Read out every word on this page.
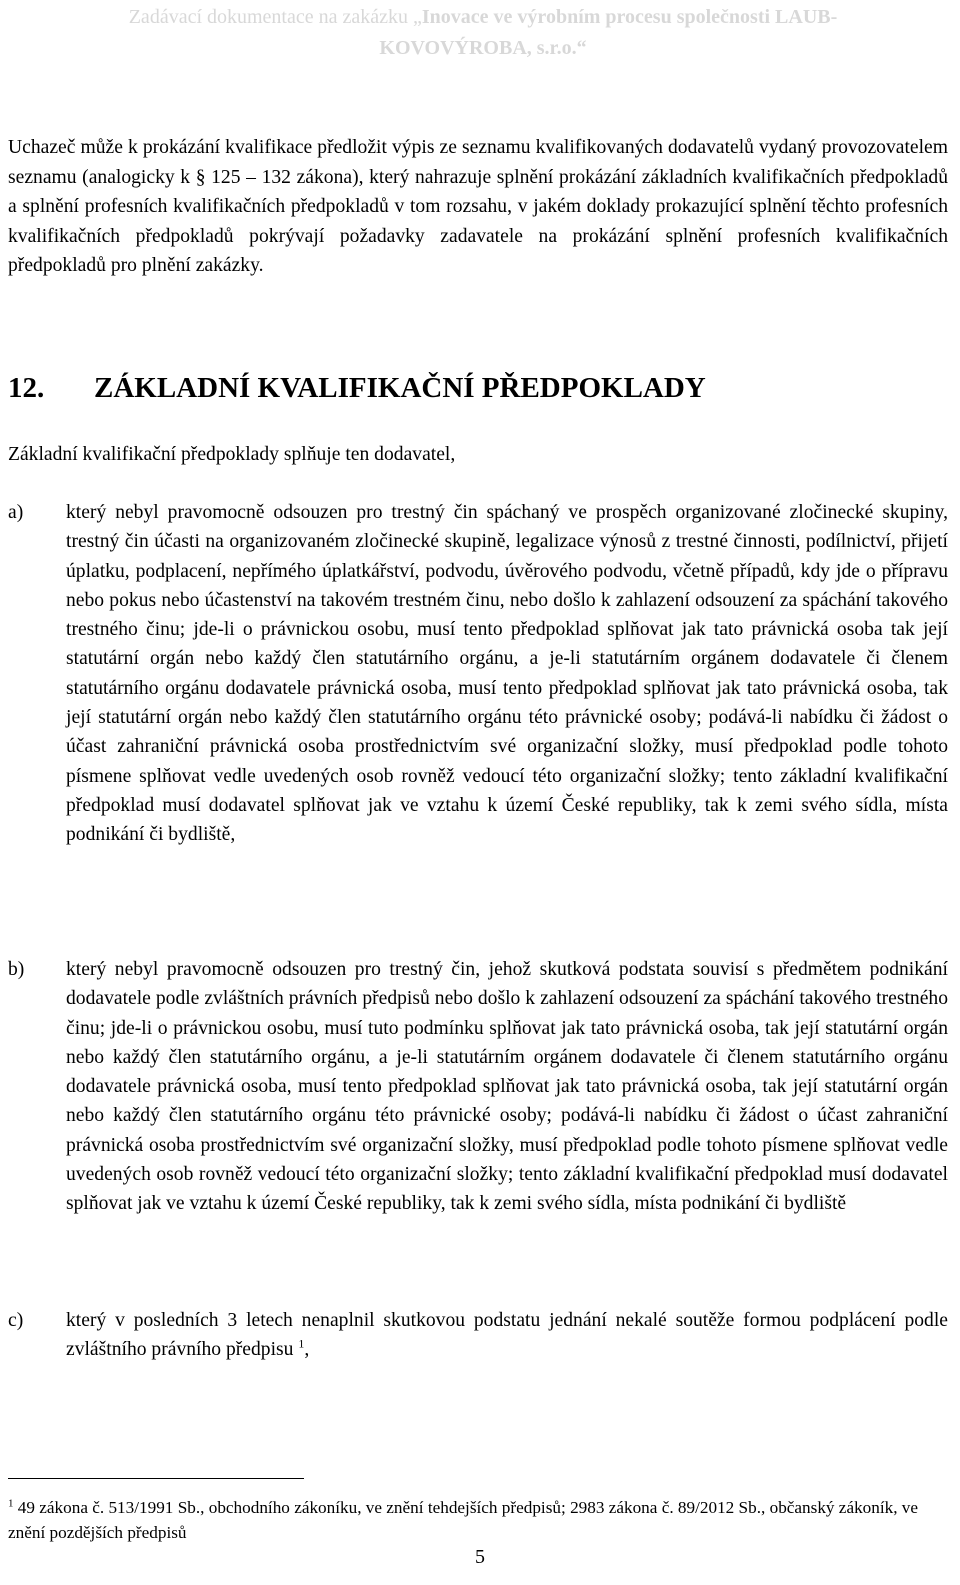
Zadávací dokumentace na zakázku „Inovace ve výrobním procesu společnosti LAUB-KOVOVÝROBA, s.r.o.“

Uchazeč může k prokázání kvalifikace předložit výpis ze seznamu kvalifikovaných dodavatelů vydaný provozovatelem seznamu (analogicky k § 125 – 132 zákona), který nahrazuje splnění prokázání základních kvalifikačních předpokladů a splnění profesních kvalifikačních předpokladů v tom rozsahu, v jakém doklady prokazující splnění těchto profesních kvalifikačních předpokladů pokrývají požadavky zadavatele na prokázání splnění profesních kvalifikačních předpokladů pro plnění zakázky.

12. ZÁKLADNÍ KVALIFIKAČNÍ PŘEDPOKLADY

Základní kvalifikační předpoklady splňuje ten dodavatel,

a) který nebyl pravomocně odsouzen pro trestný čin spáchaný ve prospěch organizované zločinecké skupiny, trestný čin účasti na organizovaném zločinecké skupině, legalizace výnosů z trestné činnosti, podílnictví, přijetí úplatku, podplacení, nepřímého úplatkářství, podvodu, úvěrového podvodu, včetně případů, kdy jde o přípravu nebo pokus nebo účastenství na takovém trestném činu, nebo došlo k zahlazení odsouzení za spáchání takového trestného činu; jde-li o právnickou osobu, musí tento předpoklad splňovat jak tato právnická osoba tak její statutární orgán nebo každý člen statutárního orgánu, a je-li statutárním orgánem dodavatele či členem statutárního orgánu dodavatele právnická osoba, musí tento předpoklad splňovat jak tato právnická osoba, tak její statutární orgán nebo každý člen statutárního orgánu této právnické osoby; podává-li nabídku či žádost o účast zahraniční právnická osoba prostřednictvím své organizační složky, musí předpoklad podle tohoto písmene splňovat vedle uvedených osob rovněž vedoucí této organizační složky; tento základní kvalifikační předpoklad musí dodavatel splňovat jak ve vztahu k území České republiky, tak k zemi svého sídla, místa podnikání či bydliště,
b) který nebyl pravomocně odsouzen pro trestný čin, jehož skutková podstata souvisí s předmětem podnikání dodavatele podle zvláštních právních předpisů nebo došlo k zahlazení odsouzení za spáchání takového trestného činu; jde-li o právnickou osobu, musí tuto podmínku splňovat jak tato právnická osoba, tak její statutární orgán nebo každý člen statutárního orgánu, a je-li statutárním orgánem dodavatele či členem statutárního orgánu dodavatele právnická osoba, musí tento předpoklad splňovat jak tato právnická osoba, tak její statutární orgán nebo každý člen statutárního orgánu této právnické osoby; podává-li nabídku či žádost o účast zahraniční právnická osoba prostřednictvím své organizační složky, musí předpoklad podle tohoto písmene splňovat vedle uvedených osob rovněž vedoucí této organizační složky; tento základní kvalifikační předpoklad musí dodavatel splňovat jak ve vztahu k území České republiky, tak k zemi svého sídla, místa podnikání či bydliště
c) který v posledních 3 letech nenaplnil skutkovou podstatu jednání nekalé soutěže formou podplácení podle zvláštního právního předpisu $^1$,

$^1$ 49 zákona č. 513/1991 Sb., obchodního zákoníku, ve znění tehdejších předpisů; 2983 zákona č. 89/2012 Sb., občanský zákoník, ve znění pozdějších předpisů

5
